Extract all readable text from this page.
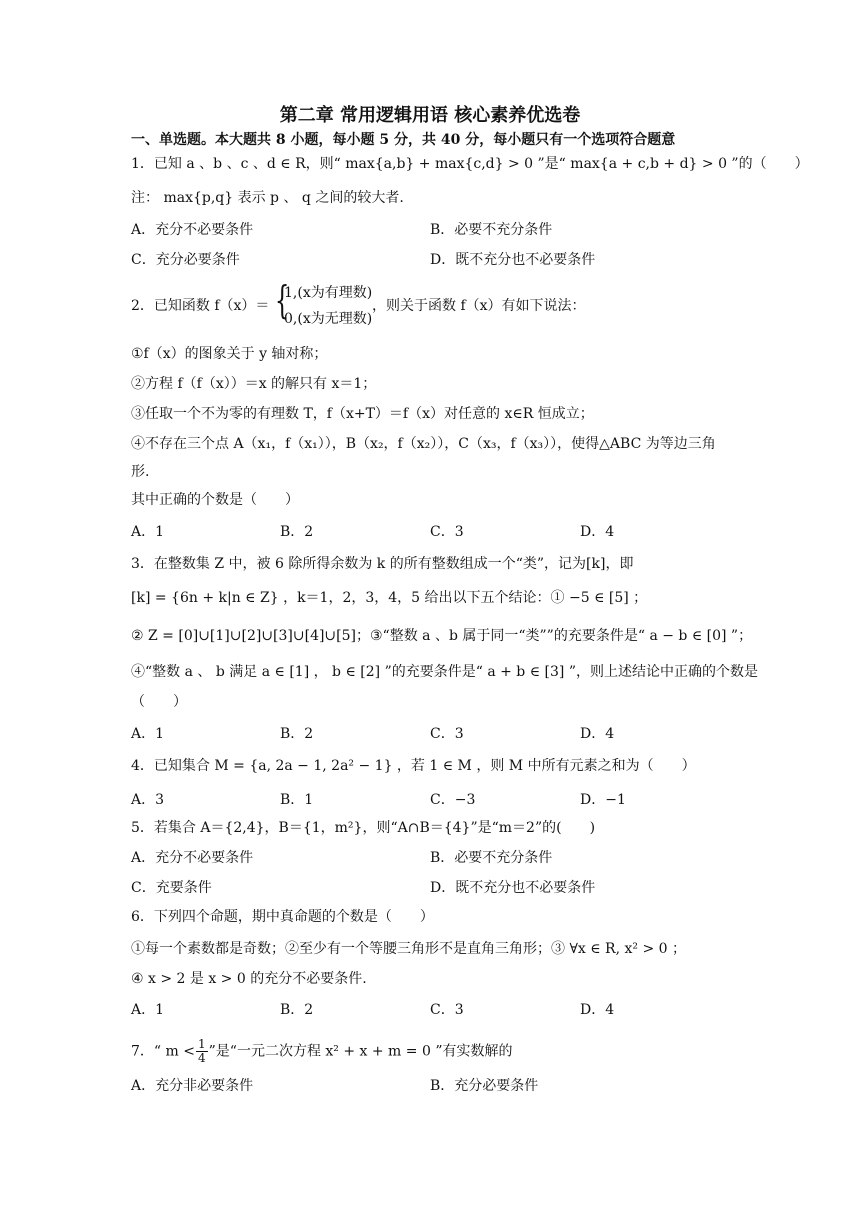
第二章 常用逻辑用语 核心素养优选卷
一、单选题。本大题共 8 小题，每小题 5 分，共 40 分，每小题只有一个选项符合题意
1．已知 a 、b 、c 、d ∈ R，则“ max{a,b} + max{c,d} > 0 ”是“ max{a + c,b + d} > 0 ”的（　　）
注： max{p,q} 表示 p 、 q 之间的较大者.
A．充分不必要条件	B．必要不充分条件
C．充分必要条件	D．既不充分也不必要条件
2．已知函数 f（x）＝ {
1,(x为有理数)
0,(x为无理数)
，则关于函数 f（x）有如下说法：
①f（x）的图象关于 y 轴对称；
②方程 f（f（x））＝x 的解只有 x＝1；
③任取一个不为零的有理数 T，f（x+T）＝f（x）对任意的 x∈R 恒成立；
④不存在三个点 A（x₁，f（x₁）），B（x₂，f（x₂）），C（x₃，f（x₃）），使得△ABC 为等边三角
形.
其中正确的个数是（　　）
A．1	B．2	C．3	D．4
3．在整数集 Z 中，被 6 除所得余数为 k 的所有整数组成一个“类”，记为[k]，即
[k] = {6n + k|n ∈ Z} ，k＝1，2，3，4，5 给出以下五个结论：① −5 ∈ [5] ；
② Z = [0]∪[1]∪[2]∪[3]∪[4]∪[5]；③“整数 a 、b 属于同一“类””的充要条件是“ a − b ∈ [0] ”；
④“整数 a 、 b 满足 a ∈ [1] ， b ∈ [2] ”的充要条件是“ a + b ∈ [3] ”，则上述结论中正确的个数是
（　　）
A．1	B．2	C．3	D．4
4．已知集合 M = {a, 2a − 1, 2a² − 1} ，若 1 ∈ M ，则 M 中所有元素之和为（　　）
A．3	B．1	C．−3	D．−1
5．若集合 A＝{2,4}，B＝{1，m²}，则“A∩B＝{4}”是“m＝2”的(　　)
A．充分不必要条件	B．必要不充分条件
C．充要条件	D．既不充分也不必要条件
6．下列四个命题，期中真命题的个数是（　　）
①每一个素数都是奇数；②至少有一个等腰三角形不是直角三角形；③ ∀x ∈ R, x² > 0 ；
④ x > 2 是 x > 0 的充分不必要条件.
A．1	B．2	C．3	D．4
7．“ $m < \frac{1}{4}$ ”是“一元二次方程 x² + x + m = 0 ”有实数解的
A．充分非必要条件	B．充分必要条件
